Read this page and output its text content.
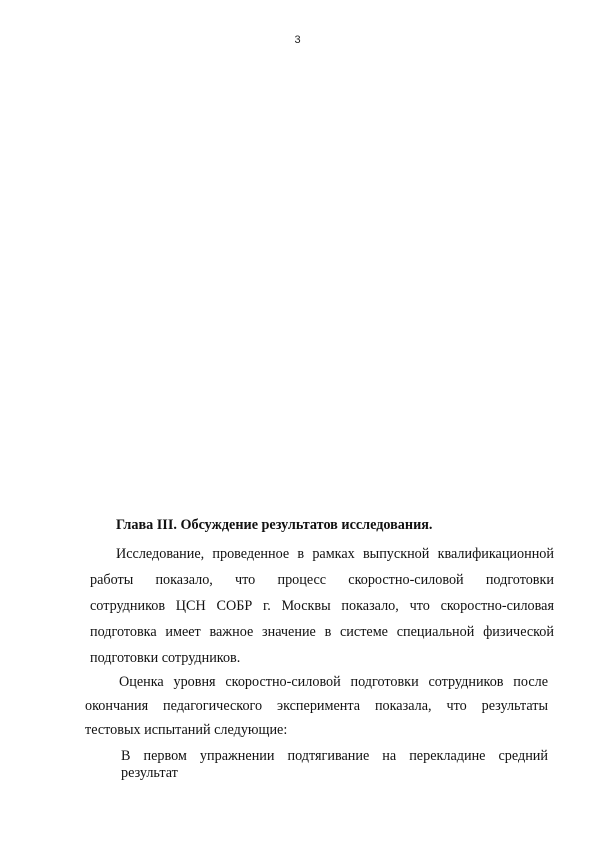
3
Глава III. Обсуждение результатов исследования.
Исследование, проведенное в рамках выпускной квалификационной
работы показало, что процесс скоростно-силовой подготовки
сотрудников ЦСН СОБР г. Москвы показало, что скоростно-силовая
подготовка имеет важное значение в системе специальной физической
подготовки сотрудников.
Оценка уровня скоростно-силовой подготовки сотрудников после
окончания педагогического эксперимента показала, что результаты
тестовых испытаний следующие:
В первом упражнении подтягивание на перекладине средний результат
